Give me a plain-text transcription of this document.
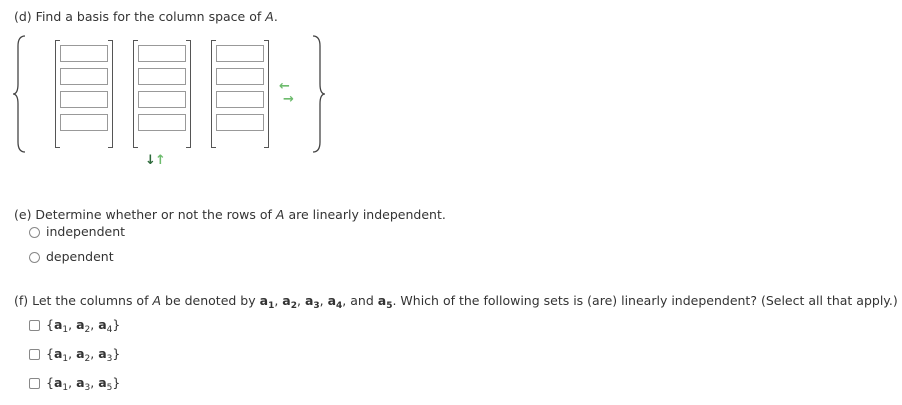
(d) Find a basis for the column space of A.
←
→
↓ ↑
(e) Determine whether or not the rows of A are linearly independent.
independent
dependent
(f) Let the columns of A be denoted by $a_1$, $a_2$, $a_3$, $a_4$, and $a_5$. Which of the following sets is (are) linearly independent? (Select all that apply.)
{$a_1$, $a_2$, $a_4$}
{$a_1$, $a_2$, $a_3$}
{$a_1$, $a_3$, $a_5$}
